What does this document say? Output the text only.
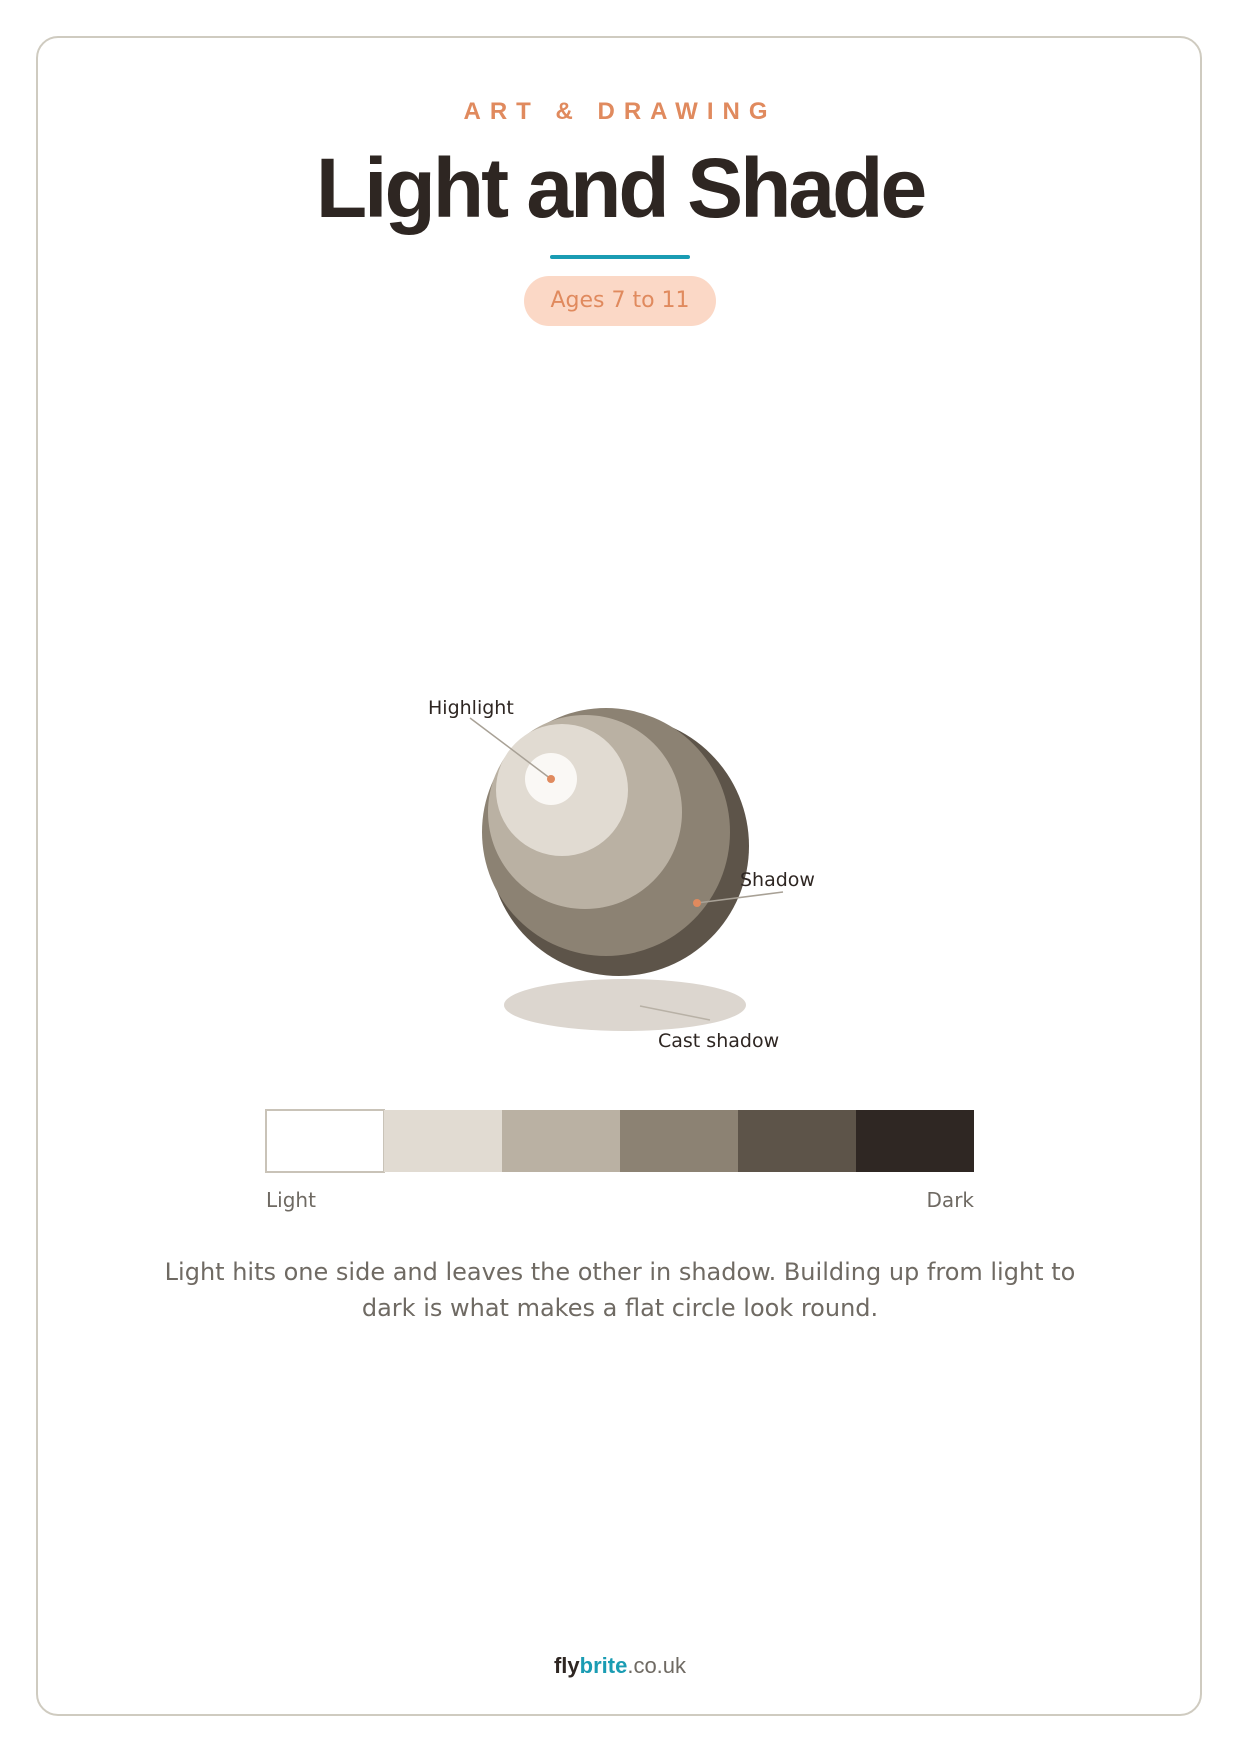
ART & DRAWING
Light and Shade
Ages 7 to 11
Highlight
Shadow
Cast shadow
Light	Dark
Light hits one side and leaves the other in shadow. Building up from light to dark is what makes a flat circle look round.
flybrite.co.uk
